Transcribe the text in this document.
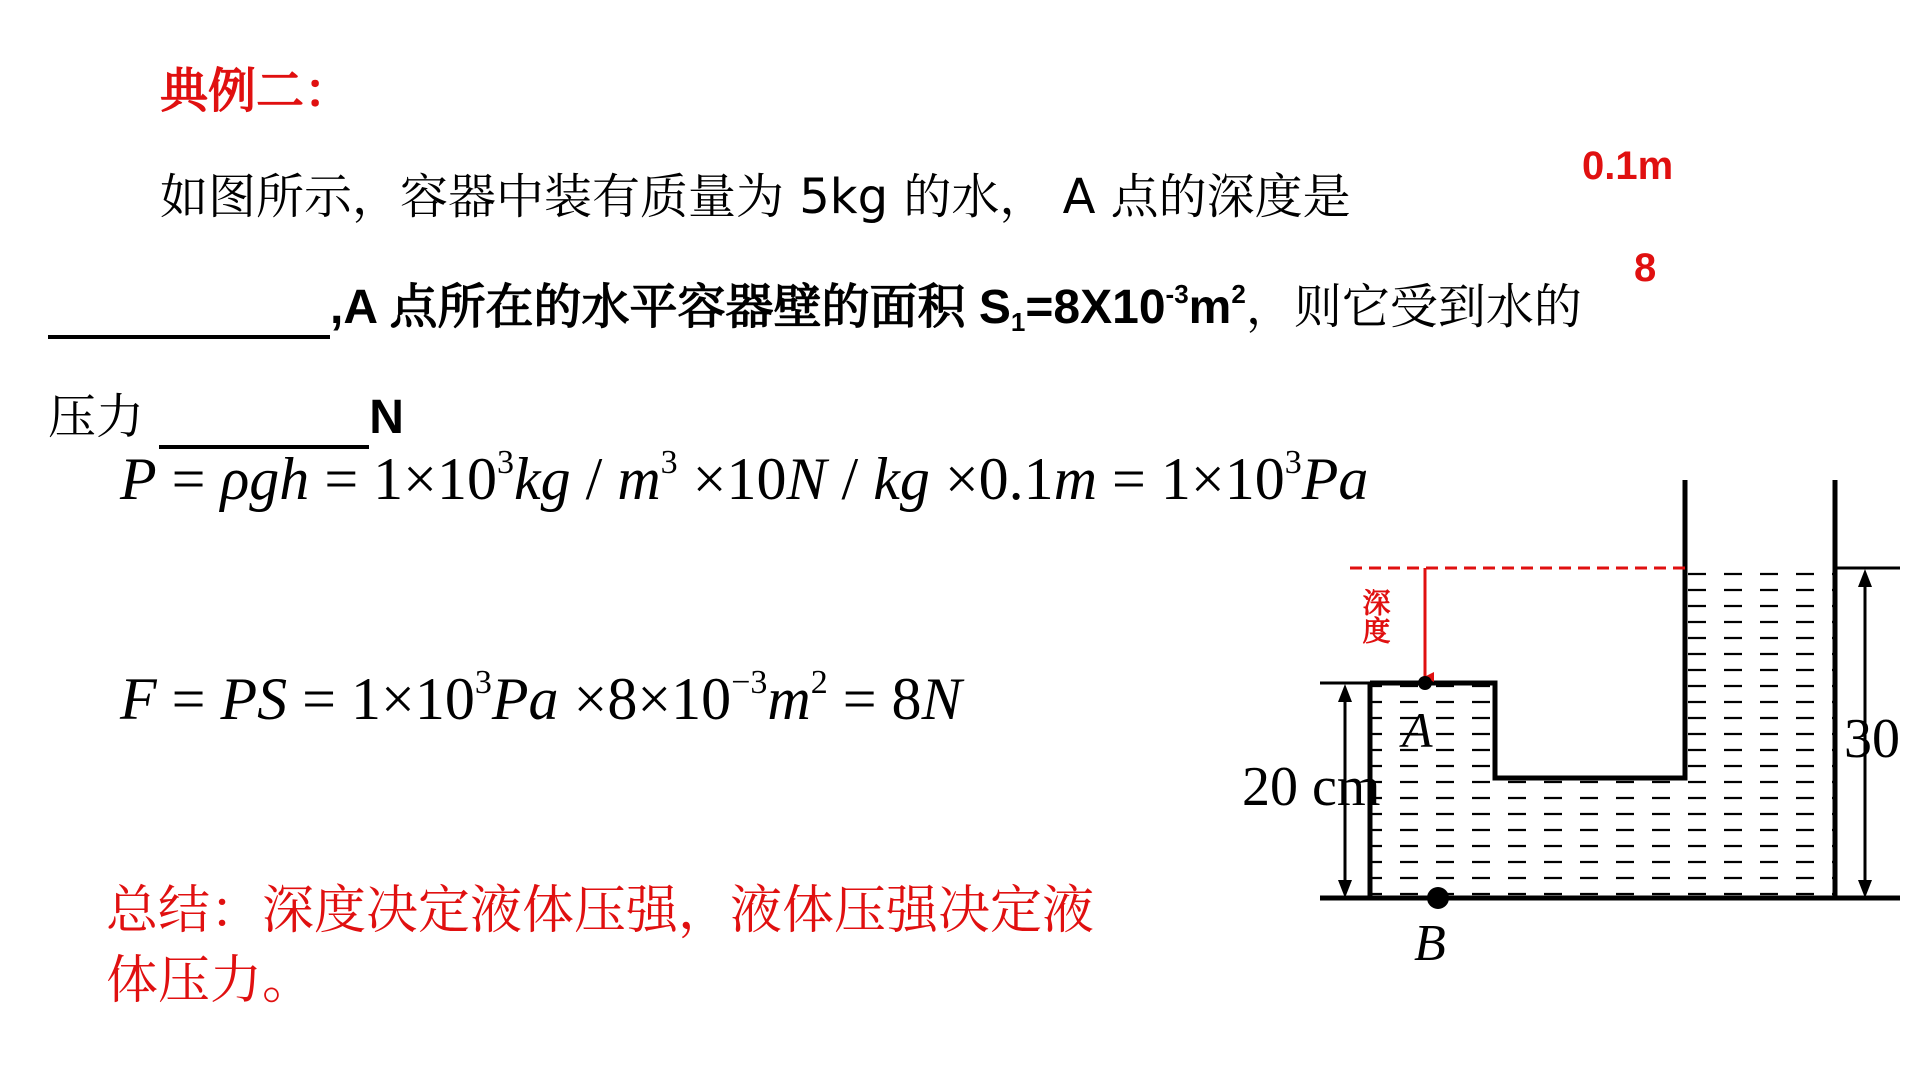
典例二：
如图所示，容器中装有质量为 5kg 的水， A 点的深度是
0.1m
,A 点所在的水平容器壁的面积 $S_1=8X10^{-3}m^2$，则它受到水的
8
压力	N
$P = \rho gh = 1\times 10^3kg / m^3 \times 10N$ / kg $\times 0.1m = 1\times 10^3Pa$
F = PS = $1\times 10^3Pa \times 8\times 10^{-3}m^2 = 8N$
总结：深度决定液体压强，液体压强决定液
体压力。
20 cm
30
深度
A
B
